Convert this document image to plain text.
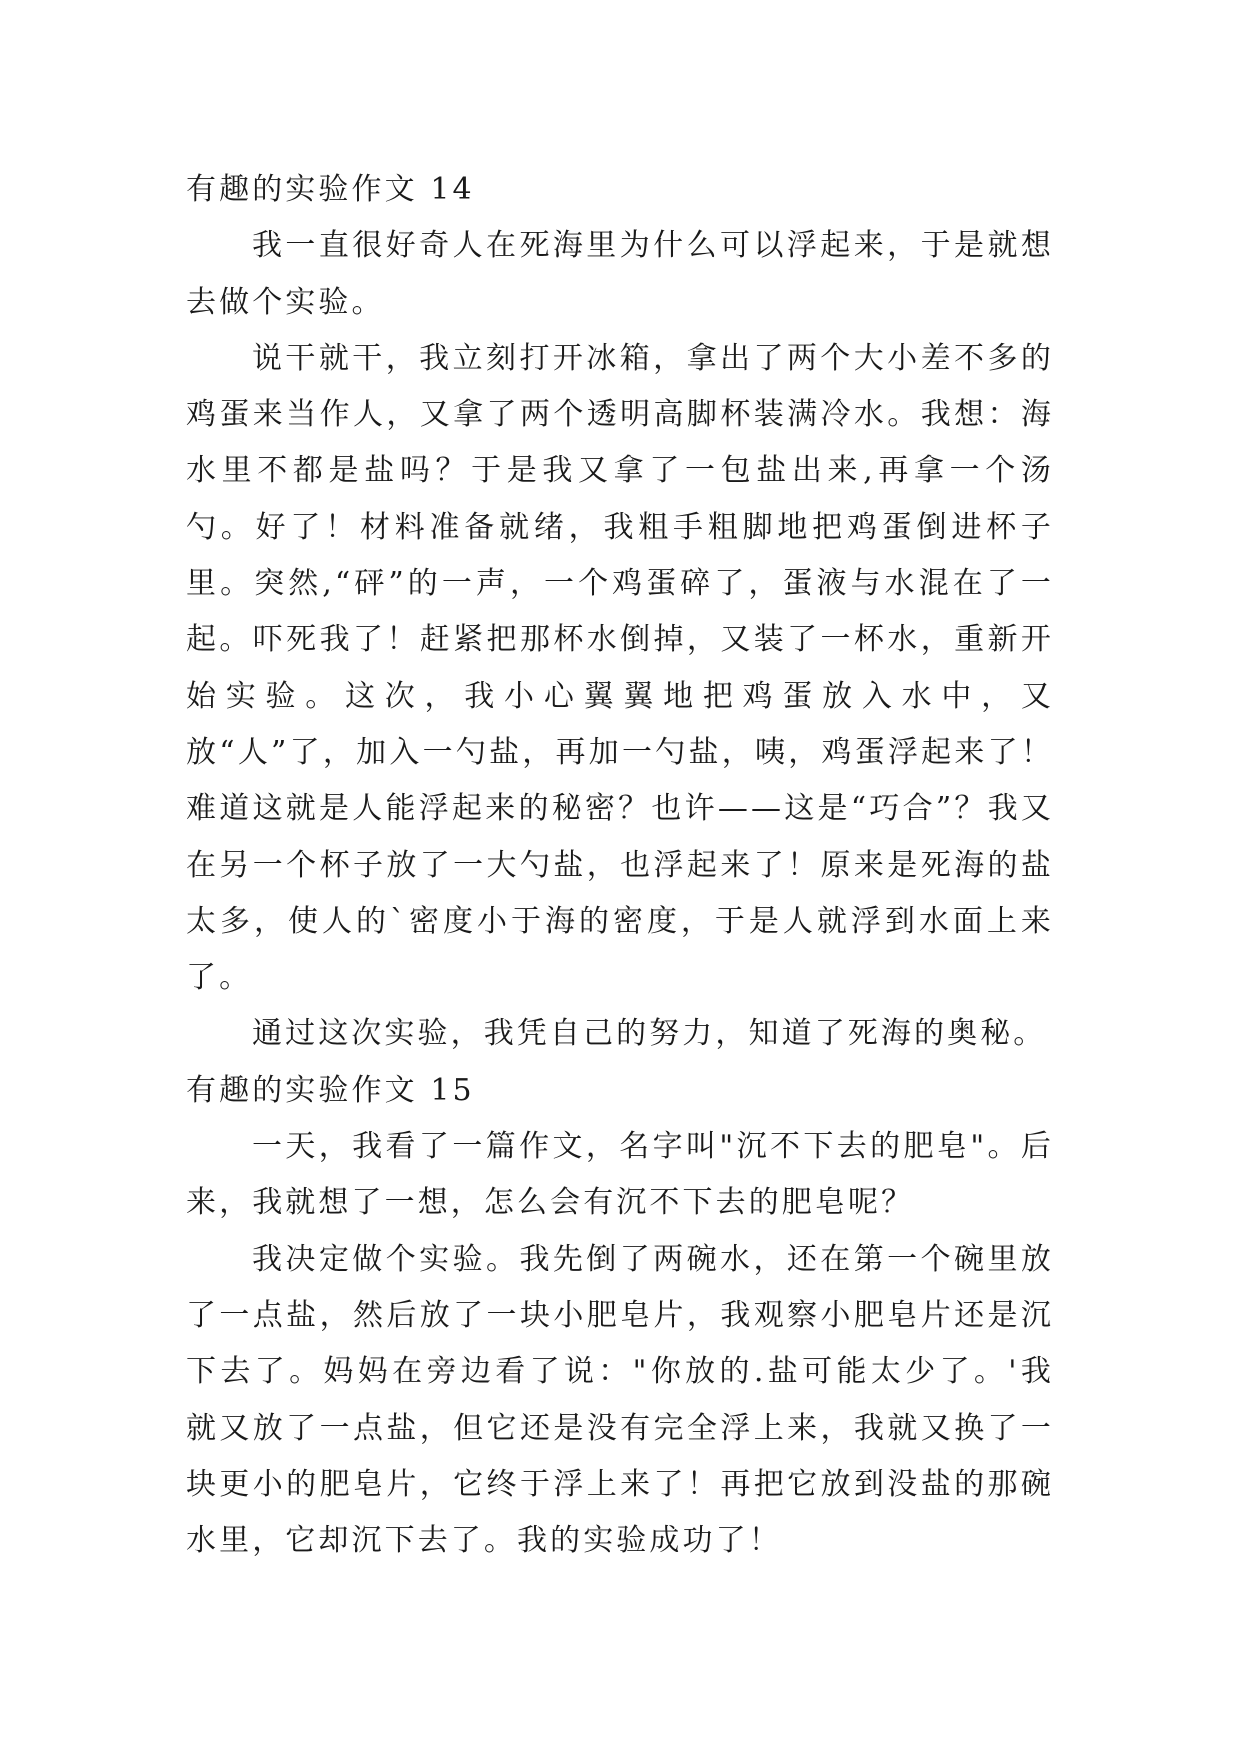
有趣的实验作文 14

我一直很好奇人在死海里为什么可以浮起来，于是就想去做个实验。

说干就干，我立刻打开冰箱，拿出了两个大小差不多的鸡蛋来当作人，又拿了两个透明高脚杯装满冷水。我想：海水里不都是盐吗？于是我又拿了一包盐出来,再拿一个汤勺。好了！材料准备就绪，我粗手粗脚地把鸡蛋倒进杯子里。突然,“砰”的一声，一个鸡蛋碎了，蛋液与水混在了一起。吓死我了！赶紧把那杯水倒掉，又装了一杯水，重新开始实验。这次，我小心翼翼地把鸡蛋放入水中，又放“人”了，加入一勺盐，再加一勺盐，咦，鸡蛋浮起来了！难道这就是人能浮起来的秘密？也许——这是“巧合”？我又在另一个杯子放了一大勺盐，也浮起来了！原来是死海的盐太多，使人的`密度小于海的密度，于是人就浮到水面上来了。

通过这次实验，我凭自己的努力，知道了死海的奥秘。

有趣的实验作文 15

一天，我看了一篇作文，名字叫"沉不下去的肥皂"。后来，我就想了一想，怎么会有沉不下去的肥皂呢？

我决定做个实验。我先倒了两碗水，还在第一个碗里放了一点盐，然后放了一块小肥皂片，我观察小肥皂片还是沉下去了。妈妈在旁边看了说："你放的.盐可能太少了。'我就又放了一点盐，但它还是没有完全浮上来，我就又换了一块更小的肥皂片，它终于浮上来了！再把它放到没盐的那碗水里，它却沉下去了。我的实验成功了！
